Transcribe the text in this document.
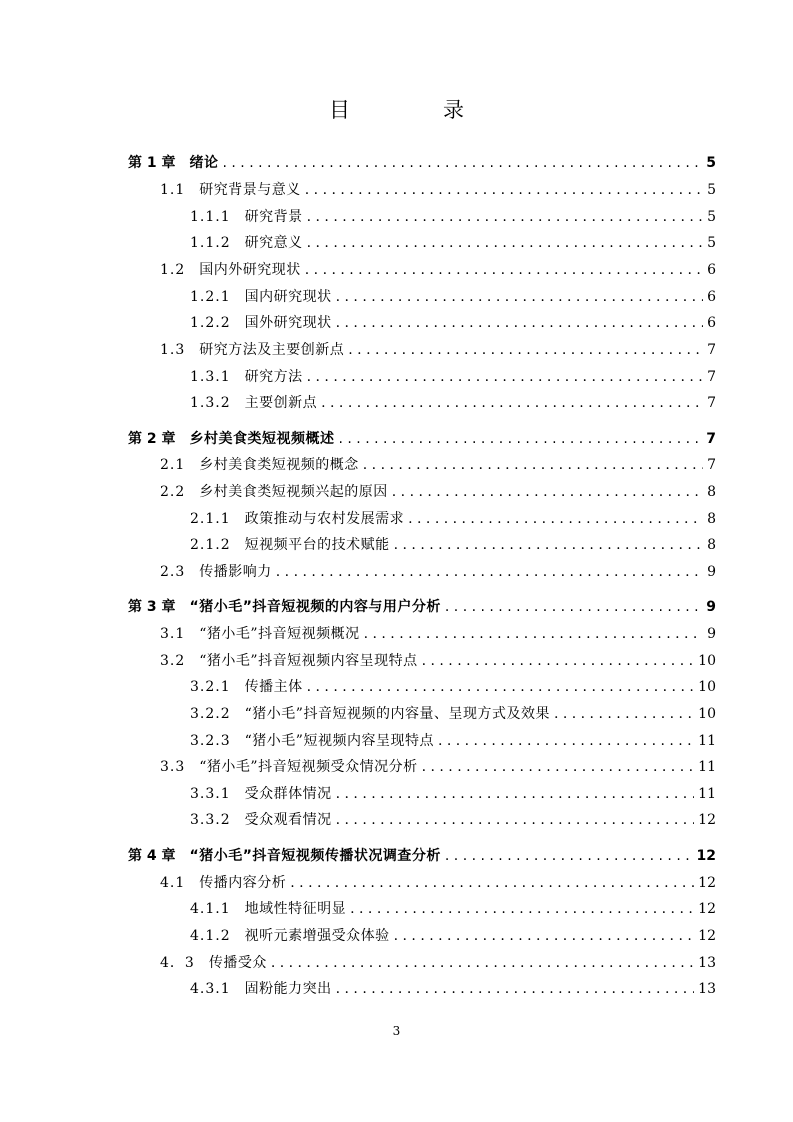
目　录
第 1 章 绪论 . . .	5
1.1 研究背景与意义 . . .	5
1.1.1 研究背景 . . .	5
1.1.2 研究意义 . . .	5
1.2 国内外研究现状 . . .	6
1.2.1 国内研究现状 . . .	6
1.2.2 国外研究现状 . . .	6
1.3 研究方法及主要创新点 . . .	7
1.3.1 研究方法 . . .	7
1.3.2 主要创新点 . . .	7
第 2 章 乡村美食类短视频概述 . . .	7
2.1 乡村美食类短视频的概念 . . .	7
2.2 乡村美食类短视频兴起的原因 . . .	8
2.1.1 政策推动与农村发展需求 . . .	8
2.1.2 短视频平台的技术赋能 . . .	8
2.3 传播影响力 . . .	9
第 3 章 “猪小毛”抖音短视频的内容与用户分析 . . .	9
3.1 “猪小毛”抖音短视频概况 . . .	9
3.2 “猪小毛”抖音短视频内容呈现特点 . . .	10
3.2.1 传播主体 . . .	10
3.2.2 “猪小毛”抖音短视频的内容量、呈现方式及效果 . . .	10
3.2.3 “猪小毛”短视频内容呈现特点 . . .	11
3.3 “猪小毛”抖音短视频受众情况分析 . . .	11
3.3.1 受众群体情况 . . .	11
3.3.2 受众观看情况 . . .	12
第 4 章 “猪小毛”抖音短视频传播状况调查分析 . . .	12
4.1 传播内容分析 . . .	12
4.1.1 地域性特征明显 . . .	12
4.1.2 视听元素增强受众体验 . . .	12
4．3 传播受众 . . .	13
4.3.1 固粉能力突出 . . .	13
3
